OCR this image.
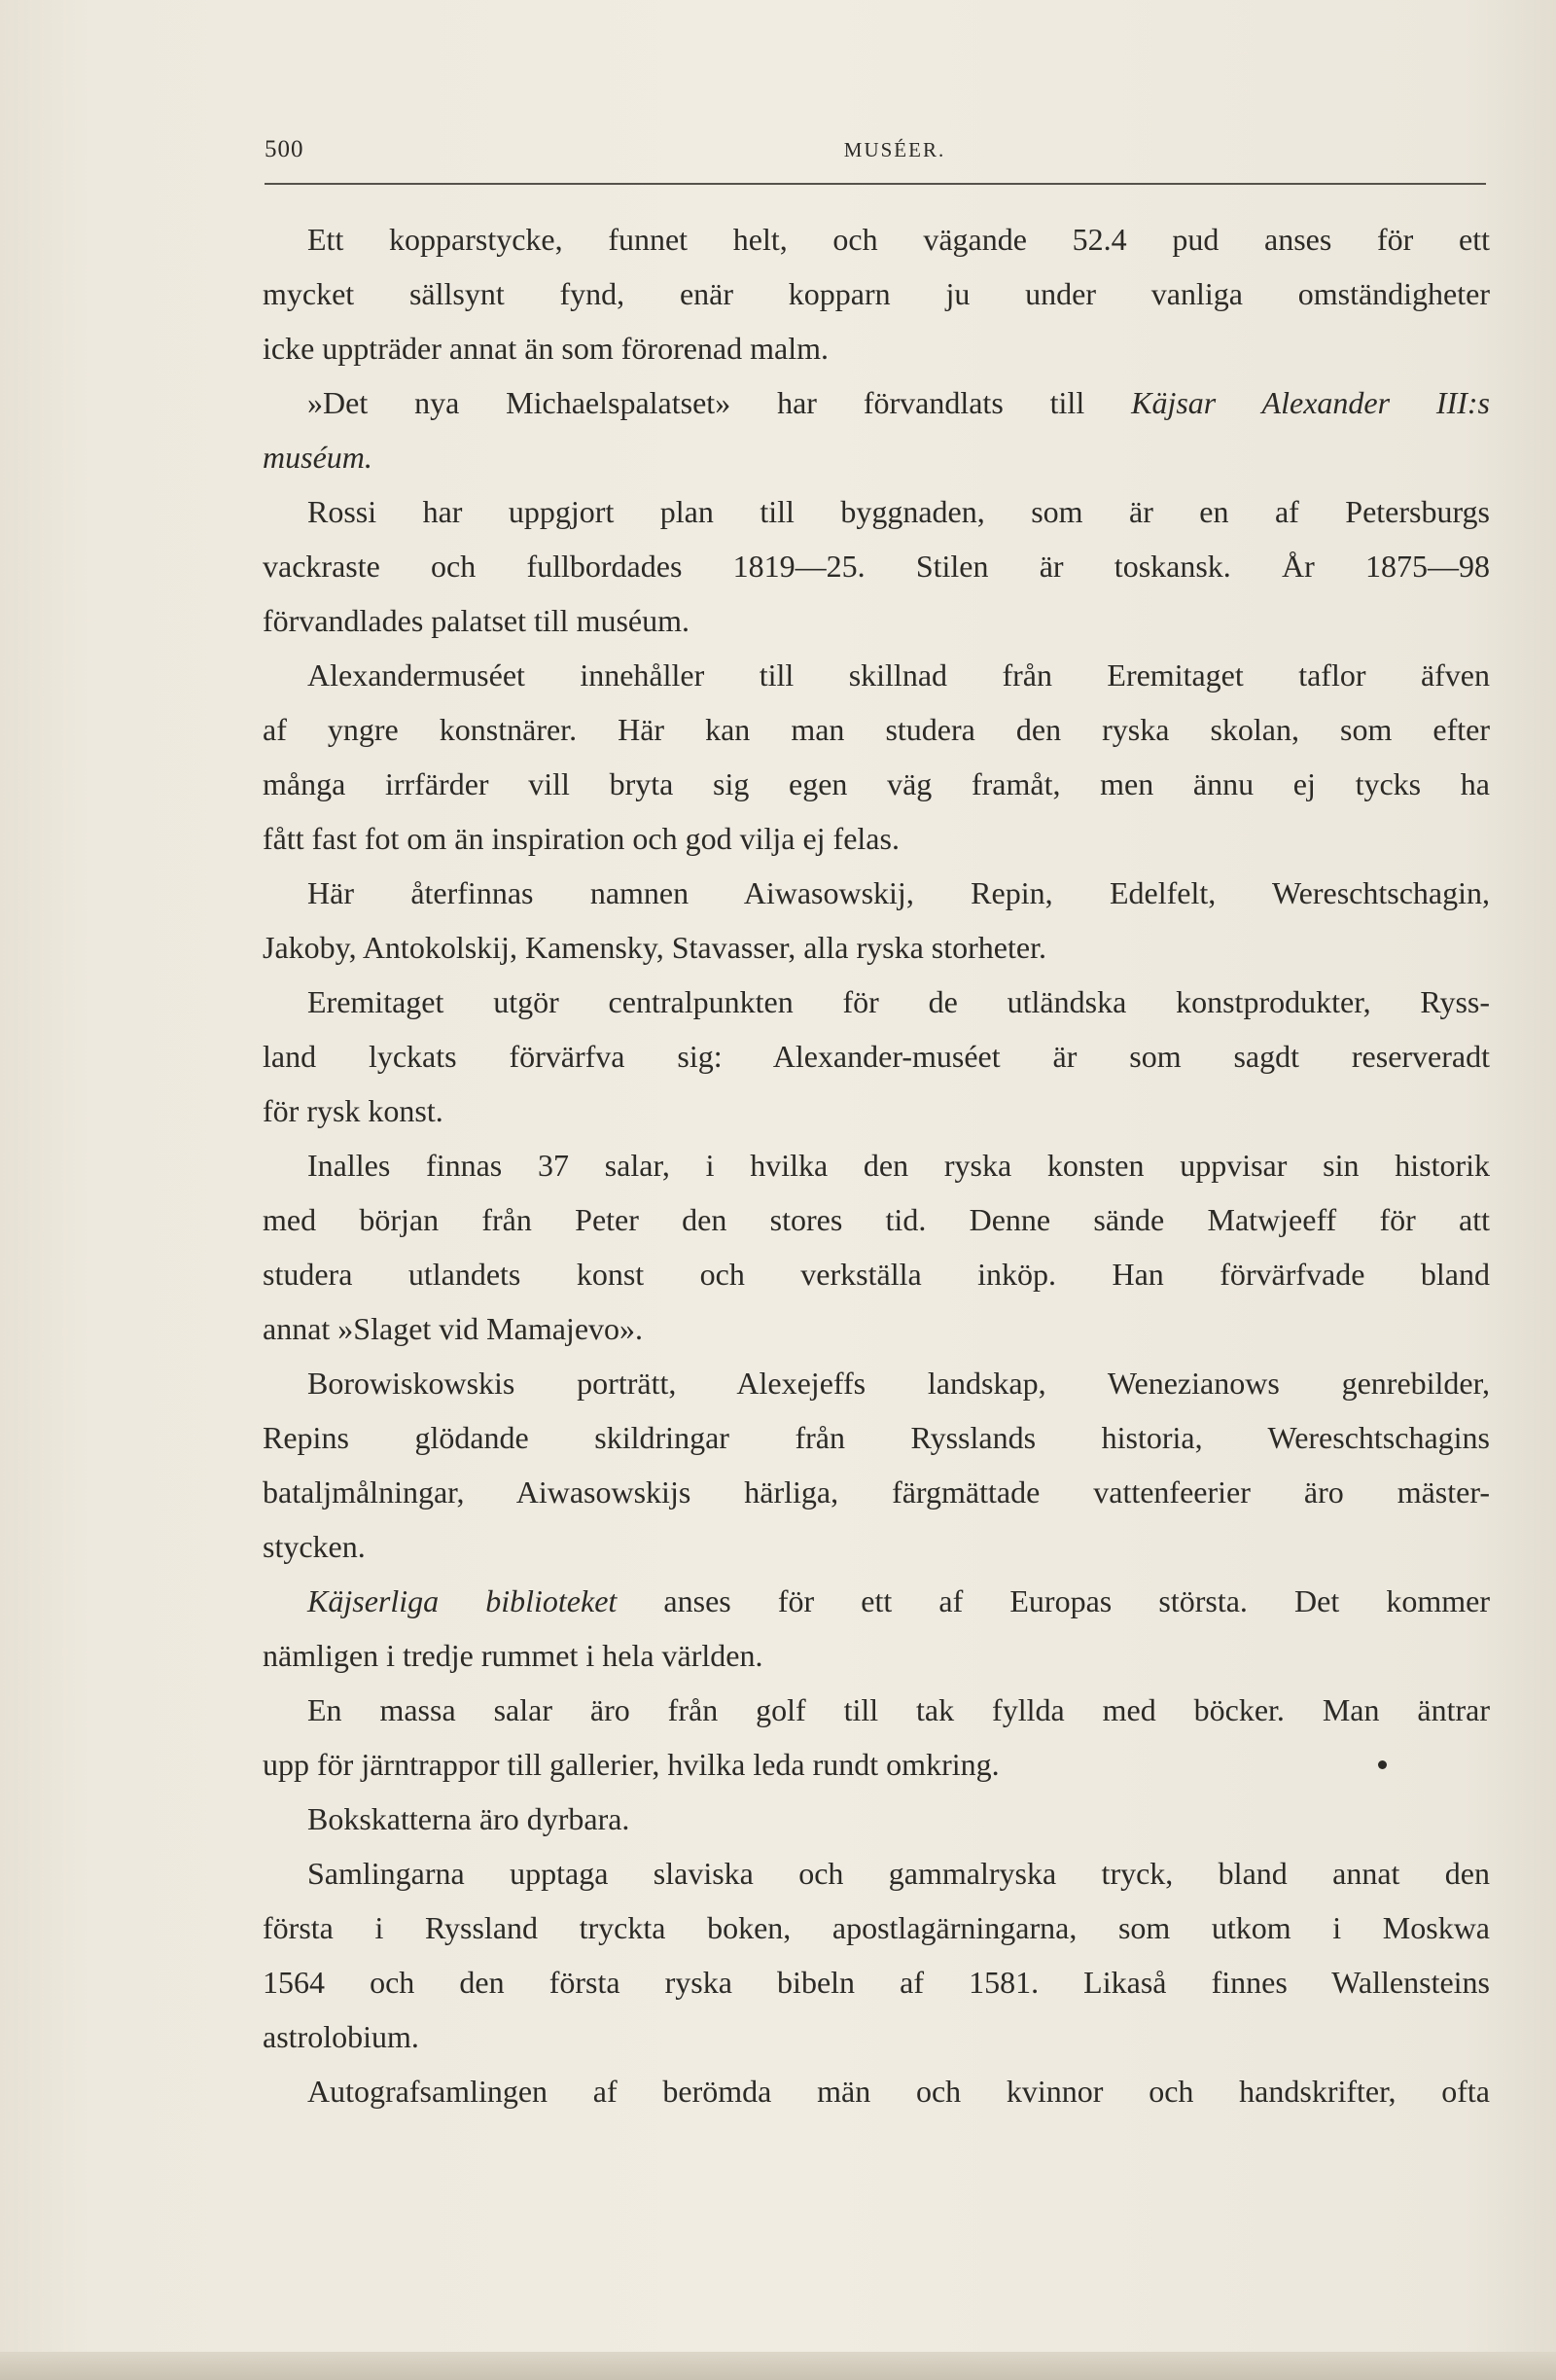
500	MUSÉER.
Ett kopparstycke, funnet helt, och vägande 52.4 pud anses för ett
mycket sällsynt fynd, enär kopparn ju under vanliga omständigheter
icke uppträder annat än som förorenad malm.
»Det nya Michaelspalatset» har förvandlats till Käjsar Alexander III:s
muséum.
Rossi har uppgjort plan till byggnaden, som är en af Petersburgs
vackraste och fullbordades 1819—25. Stilen är toskansk. År 1875—98
förvandlades palatset till muséum.
Alexandermuséet innehåller till skillnad från Eremitaget taflor äfven
af yngre konstnärer. Här kan man studera den ryska skolan, som efter
många irrfärder vill bryta sig egen väg framåt, men ännu ej tycks ha
fått fast fot om än inspiration och god vilja ej felas.
Här återfinnas namnen Aiwasowskij, Repin, Edelfelt, Wereschtschagin,
Jakoby, Antokolskij, Kamensky, Stavasser, alla ryska storheter.
Eremitaget utgör centralpunkten för de utländska konstprodukter, Ryss-
land lyckats förvärfva sig: Alexander-muséet är som sagdt reserveradt
för rysk konst.
Inalles finnas 37 salar, i hvilka den ryska konsten uppvisar sin historik
med början från Peter den stores tid. Denne sände Matwjeeff för att
studera utlandets konst och verkställa inköp. Han förvärfvade bland
annat »Slaget vid Mamajevo».
Borowiskowskis porträtt, Alexejeffs landskap, Wenezianows genrebilder,
Repins glödande skildringar från Rysslands historia, Wereschtschagins
bataljmålningar, Aiwasowskijs härliga, färgmättade vattenfeerier äro mäster-
stycken.
Käjserliga biblioteket anses för ett af Europas största. Det kommer
nämligen i tredje rummet i hela världen.
En massa salar äro från golf till tak fyllda med böcker. Man äntrar
upp för järntrappor till gallerier, hvilka leda rundt omkring.
Bokskatterna äro dyrbara.
Samlingarna upptaga slaviska och gammalryska tryck, bland annat den
första i Ryssland tryckta boken, apostlagärningarna, som utkom i Moskwa
1564 och den första ryska bibeln af 1581. Likaså finnes Wallensteins
astrolobium.
Autografsamlingen af berömda män och kvinnor och handskrifter, ofta
